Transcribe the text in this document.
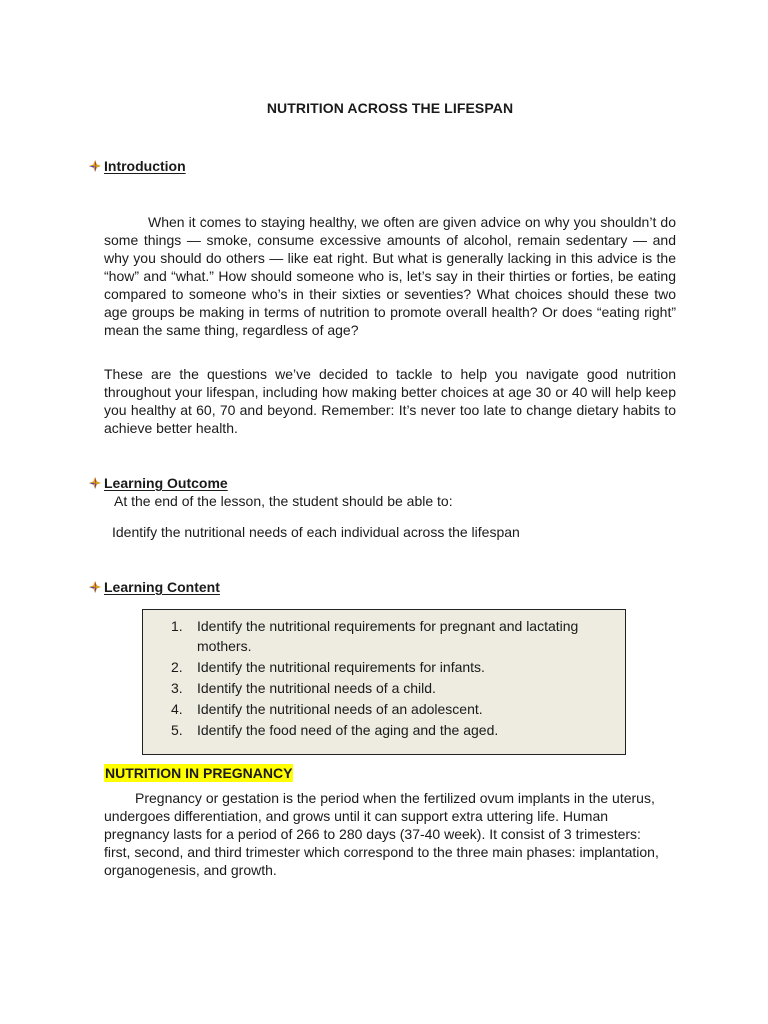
NUTRITION ACROSS THE LIFESPAN
Introduction

When it comes to staying healthy, we often are given advice on why you shouldn’t do some things — smoke, consume excessive amounts of alcohol, remain sedentary — and why you should do others — like eat right. But what is generally lacking in this advice is the “how” and “what.” How should someone who is, let’s say in their thirties or forties, be eating compared to someone who’s in their sixties or seventies? What choices should these two age groups be making in terms of nutrition to promote overall health? Or does “eating right” mean the same thing, regardless of age?

These are the questions we’ve decided to tackle to help you navigate good nutrition throughout your lifespan, including how making better choices at age 30 or 40 will help keep you healthy at 60, 70 and beyond. Remember: It’s never too late to change dietary habits to achieve better health.

Learning Outcome

At the end of the lesson, the student should be able to:

Identify the nutritional needs of each individual across the lifespan

Learning Content
1.	Identify the nutritional requirements for pregnant and lactating mothers.
2.	Identify the nutritional requirements for infants.
3.	Identify the nutritional needs of a child.
4.	Identify the nutritional needs of an adolescent.
5.	Identify the food need of the aging and the aged.
NUTRITION IN PREGNANCY

Pregnancy or gestation is the period when the fertilized ovum implants in the uterus, undergoes differentiation, and grows until it can support extra uttering life. Human pregnancy lasts for a period of 266 to 280 days (37-40 week). It consist of 3 trimesters: first, second, and third trimester which correspond to the three main phases: implantation, organogenesis, and growth.
